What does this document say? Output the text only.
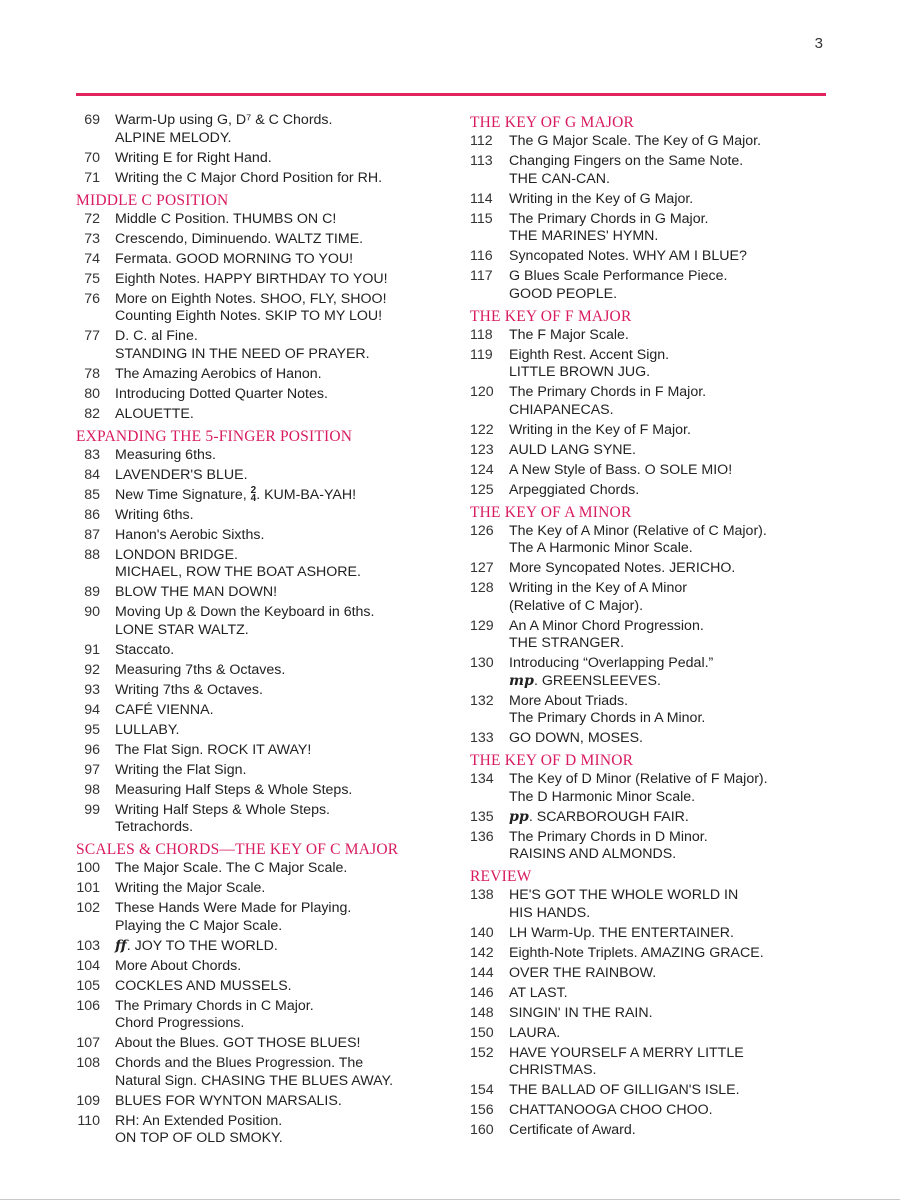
3
69 Warm-Up using G, D⁷ & C Chords.
ALPINE MELODY.
70 Writing E for Right Hand.
71 Writing the C Major Chord Position for RH.
MIDDLE C POSITION
72 Middle C Position. THUMBS ON C!
73 Crescendo, Diminuendo. WALTZ TIME.
74 Fermata. GOOD MORNING TO YOU!
75 Eighth Notes. HAPPY BIRTHDAY TO YOU!
76 More on Eighth Notes. SHOO, FLY, SHOO!
Counting Eighth Notes. SKIP TO MY LOU!
77 D. C. al Fine.
STANDING IN THE NEED OF PRAYER.
78 The Amazing Aerobics of Hanon.
80 Introducing Dotted Quarter Notes.
82 ALOUETTE.
EXPANDING THE 5-FINGER POSITION
83 Measuring 6ths.
84 LAVENDER'S BLUE.
85 New Time Signature, 2
4 . KUM-BA-YAH!
86 Writing 6ths.
87 Hanon's Aerobic Sixths.
88 LONDON BRIDGE.
MICHAEL, ROW THE BOAT ASHORE.
89 BLOW THE MAN DOWN!
90 Moving Up & Down the Keyboard in 6ths.
LONE STAR WALTZ.
91 Staccato.
92 Measuring 7ths & Octaves.
93 Writing 7ths & Octaves.
94 CAFÉ VIENNA.
95 LULLABY.
96 The Flat Sign. ROCK IT AWAY!
97 Writing the Flat Sign.
98 Measuring Half Steps & Whole Steps.
99 Writing Half Steps & Whole Steps.
Tetrachords.
SCALES & CHORDS—THE KEY OF C MAJOR
100 The Major Scale. The C Major Scale.
101 Writing the Major Scale.
102 These Hands Were Made for Playing.
Playing the C Major Scale.
103 ff. JOY TO THE WORLD.
104 More About Chords.
105 COCKLES AND MUSSELS.
106 The Primary Chords in C Major.
Chord Progressions.
107 About the Blues. GOT THOSE BLUES!
108 Chords and the Blues Progression. The
Natural Sign. CHASING THE BLUES AWAY.
109 BLUES FOR WYNTON MARSALIS.
110 RH: An Extended Position.
ON TOP OF OLD SMOKY.
THE KEY OF G MAJOR
112 The G Major Scale. The Key of G Major.
113 Changing Fingers on the Same Note.
THE CAN-CAN.
114 Writing in the Key of G Major.
115 The Primary Chords in G Major.
THE MARINES' HYMN.
116 Syncopated Notes. WHY AM I BLUE?
117 G Blues Scale Performance Piece.
GOOD PEOPLE.
THE KEY OF F MAJOR
118 The F Major Scale.
119 Eighth Rest. Accent Sign.
LITTLE BROWN JUG.
120 The Primary Chords in F Major.
CHIAPANECAS.
122 Writing in the Key of F Major.
123 AULD LANG SYNE.
124 A New Style of Bass. O SOLE MIO!
125 Arpeggiated Chords.
THE KEY OF A MINOR
126 The Key of A Minor (Relative of C Major).
The A Harmonic Minor Scale.
127 More Syncopated Notes. JERICHO.
128 Writing in the Key of A Minor
(Relative of C Major).
129 An A Minor Chord Progression.
THE STRANGER.
130 Introducing “Overlapping Pedal.”
mp. GREENSLEEVES.
132 More About Triads.
The Primary Chords in A Minor.
133 GO DOWN, MOSES.
THE KEY OF D MINOR
134 The Key of D Minor (Relative of F Major).
The D Harmonic Minor Scale.
135 pp. SCARBOROUGH FAIR.
136 The Primary Chords in D Minor.
RAISINS AND ALMONDS.
REVIEW
138 HE'S GOT THE WHOLE WORLD IN
HIS HANDS.
140 LH Warm-Up. THE ENTERTAINER.
142 Eighth-Note Triplets. AMAZING GRACE.
144 OVER THE RAINBOW.
146 AT LAST.
148 SINGIN' IN THE RAIN.
150 LAURA.
152 HAVE YOURSELF A MERRY LITTLE
CHRISTMAS.
154 THE BALLAD OF GILLIGAN'S ISLE.
156 CHATTANOOGA CHOO CHOO.
160 Certificate of Award.
